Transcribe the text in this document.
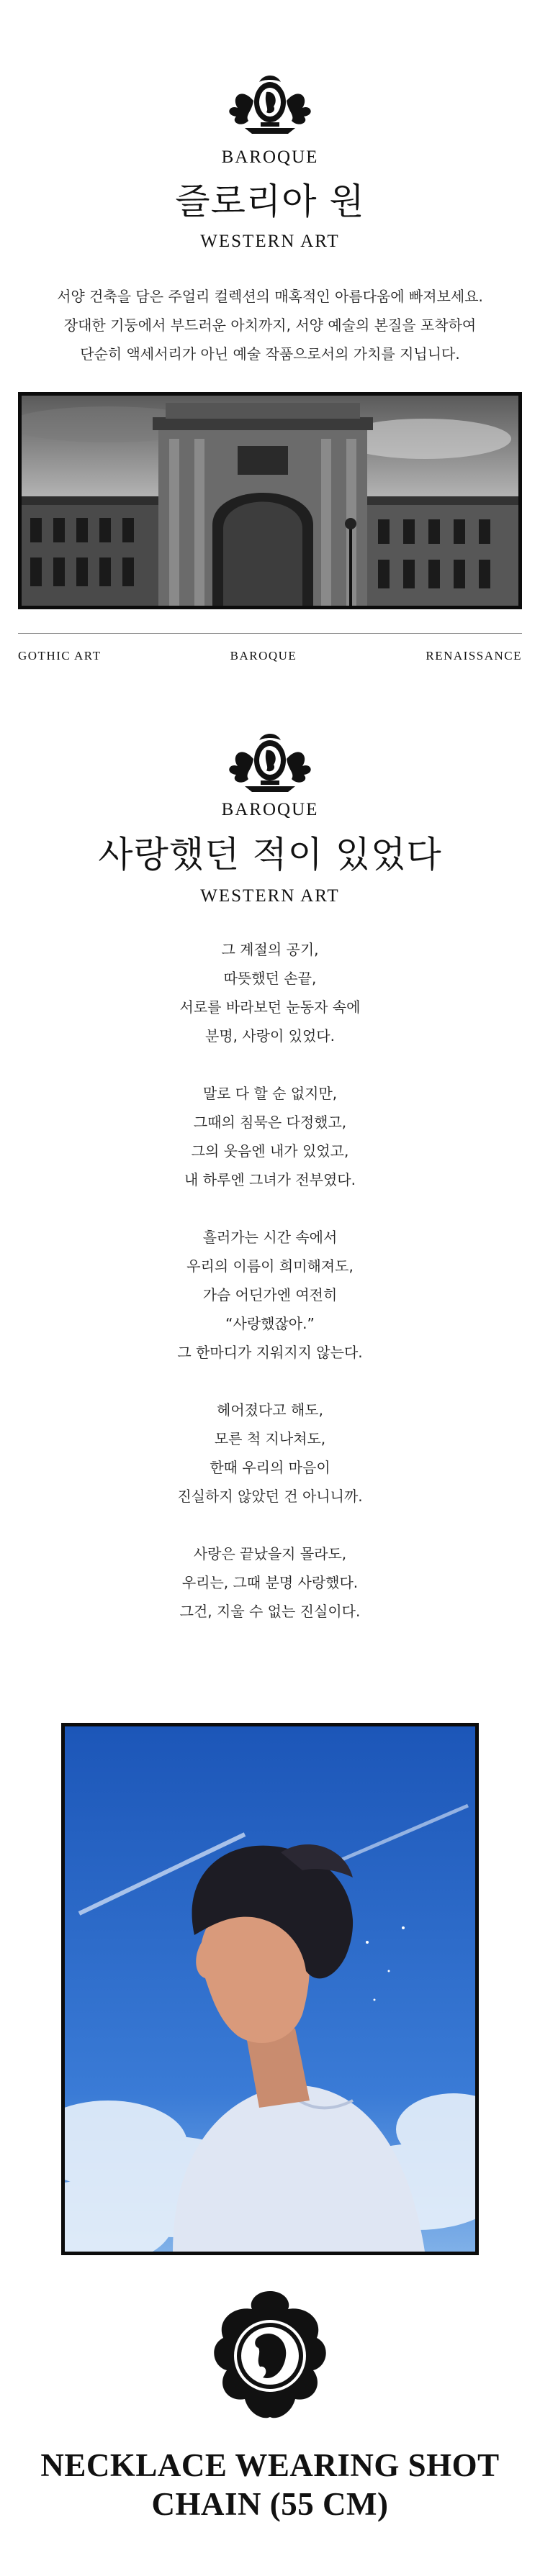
BAROQUE
즐로리아 원
WESTERN ART
서양 건축을 담은 주얼리 컬렉션의 매혹적인 아름다움에 빠져보세요.
장대한 기둥에서 부드러운 아치까지, 서양 예술의 본질을 포착하여
단순히 액세서리가 아닌 예술 작품으로서의 가치를 지닙니다.
GOTHIC ART	BAROQUE	RENAISSANCE
BAROQUE
사랑했던 적이 있었다
WESTERN ART
그 계절의 공기,
따뜻했던 손끝,
서로를 바라보던 눈동자 속에
분명, 사랑이 있었다.
말로 다 할 순 없지만,
그때의 침묵은 다정했고,
그의 웃음엔 내가 있었고,
내 하루엔 그녀가 전부였다.
흘러가는 시간 속에서
우리의 이름이 희미해져도,
가슴 어딘가엔 여전히
“사랑했잖아.”
그 한마디가 지워지지 않는다.
헤어졌다고 해도,
모른 척 지나쳐도,
한때 우리의 마음이
진실하지 않았던 건 아니니까.
사랑은 끝났을지 몰라도,
우리는, 그때 분명 사랑했다.
그건, 지울 수 없는 진실이다.
NECKLACE WEARING SHOT
CHAIN (55 CM)
